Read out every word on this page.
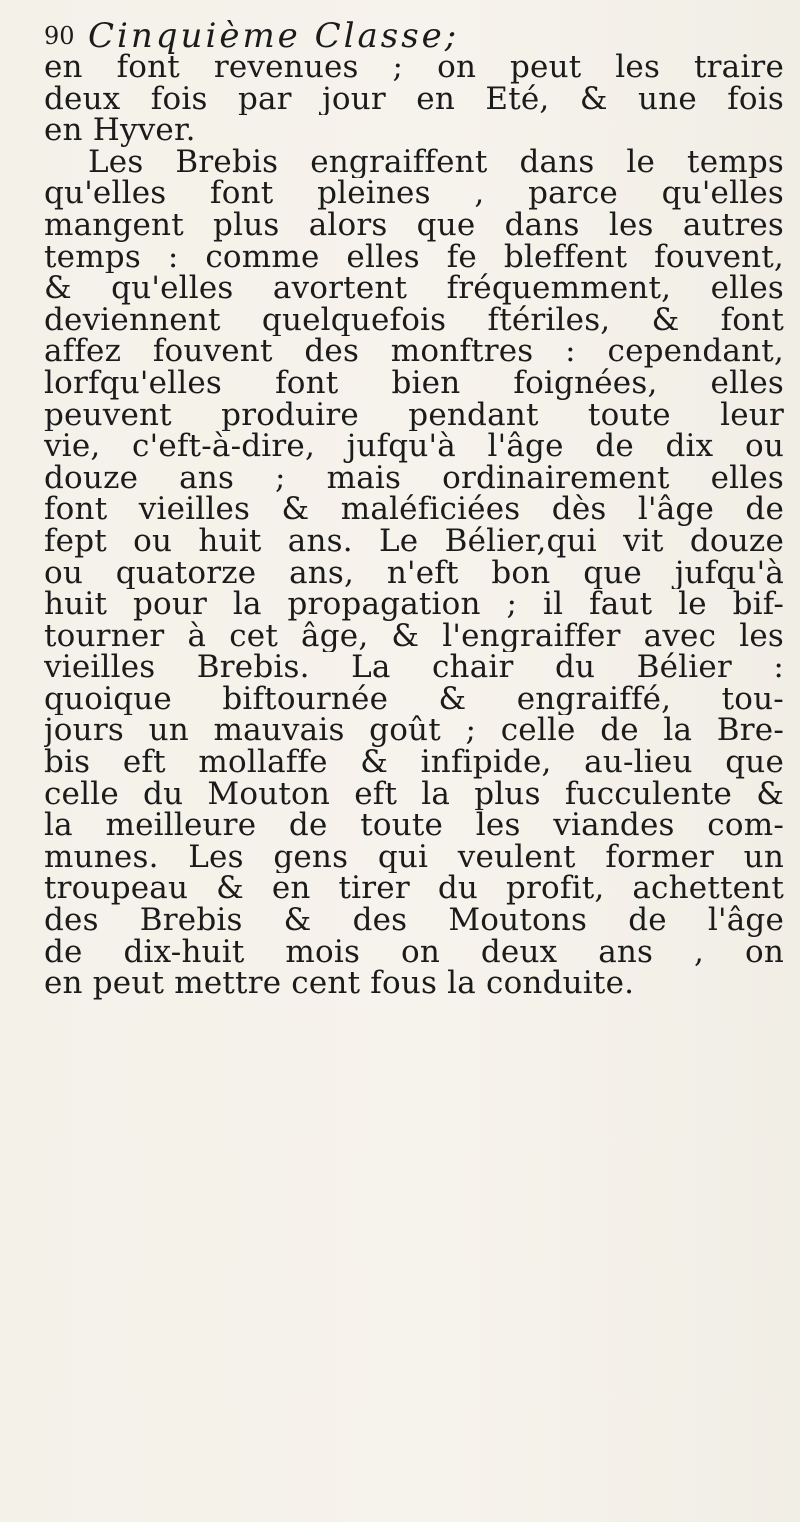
90 Cinquième Classe;
en font revenues ; on peut les traire
deux fois par jour en Eté, & une fois
en Hyver.
Les Brebis engraiffent dans le temps
qu'elles font pleines , parce qu'elles
mangent plus alors que dans les autres
temps : comme elles fe bleffent fouvent,
& qu'elles avortent fréquemment, elles
deviennent quelquefois ftériles, & font
affez fouvent des monftres : cependant,
lorfqu'elles font bien foignées, elles
peuvent produire pendant toute leur
vie, c'eft-à-dire, jufqu'à l'âge de dix ou
douze ans ; mais ordinairement elles
font vieilles & maléficiées dès l'âge de
fept ou huit ans. Le Bélier,qui vit douze
ou quatorze ans, n'eft bon que jufqu'à
huit pour la propagation ; il faut le bif-
tourner à cet âge, & l'engraiffer avec les
vieilles Brebis. La chair du Bélier :
quoique biftournée & engraiffé, tou-
jours un mauvais goût ; celle de la Bre-
bis eft mollaffe & infipide, au-lieu que
celle du Mouton eft la plus fucculente &
la meilleure de toute les viandes com-
munes. Les gens qui veulent former un
troupeau & en tirer du profit, achettent
des Brebis & des Moutons de l'âge
de dix-huit mois on deux ans , on
en peut mettre cent fous la conduite.
